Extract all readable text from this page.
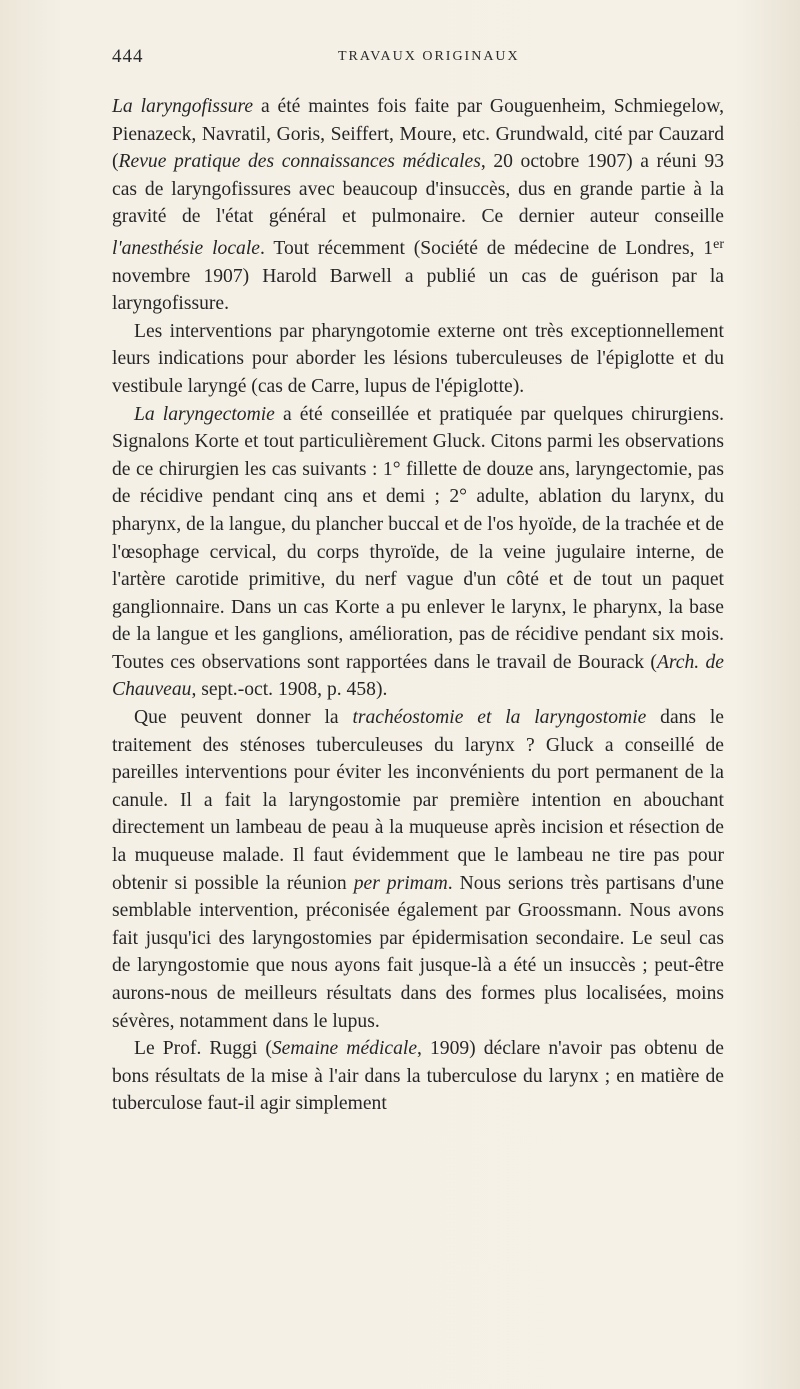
444	TRAVAUX ORIGINAUX

La laryngofissure a été maintes fois faite par Gouguenheim, Schmiegelow, Pienazeck, Navratil, Goris, Seiffert, Moure, etc. Grundwald, cité par Cauzard (Revue pratique des connaissances médicales, 20 octobre 1907) a réuni 93 cas de laryngofissures avec beaucoup d'insuccès, dus en grande partie à la gravité de l'état général et pulmonaire. Ce dernier auteur conseille l'anesthésie locale. Tout récemment (Société de médecine de Londres, 1er novembre 1907) Harold Barwell a publié un cas de guérison par la laryngofissure.

Les interventions par pharyngotomie externe ont très exceptionnellement leurs indications pour aborder les lésions tuberculeuses de l'épiglotte et du vestibule laryngé (cas de Carre, lupus de l'épiglotte).

La laryngectomie a été conseillée et pratiquée par quelques chirurgiens. Signalons Korte et tout particulièrement Gluck. Citons parmi les observations de ce chirurgien les cas suivants : 1° fillette de douze ans, laryngectomie, pas de récidive pendant cinq ans et demi ; 2° adulte, ablation du larynx, du pharynx, de la langue, du plancher buccal et de l'os hyoïde, de la trachée et de l'œsophage cervical, du corps thyroïde, de la veine jugulaire interne, de l'artère carotide primitive, du nerf vague d'un côté et de tout un paquet ganglionnaire. Dans un cas Korte a pu enlever le larynx, le pharynx, la base de la langue et les ganglions, amélioration, pas de récidive pendant six mois. Toutes ces observations sont rapportées dans le travail de Bourack (Arch. de Chauveau, sept.-oct. 1908, p. 458).

Que peuvent donner la trachéostomie et la laryngostomie dans le traitement des sténoses tuberculeuses du larynx ? Gluck a conseillé de pareilles interventions pour éviter les inconvénients du port permanent de la canule. Il a fait la laryngostomie par première intention en abouchant directement un lambeau de peau à la muqueuse après incision et résection de la muqueuse malade. Il faut évidemment que le lambeau ne tire pas pour obtenir si possible la réunion per primam. Nous serions très partisans d'une semblable intervention, préconisée également par Groossmann. Nous avons fait jusqu'ici des laryngostomies par épidermisation secondaire. Le seul cas de laryngostomie que nous ayons fait jusque-là a été un insuccès ; peut-être aurons-nous de meilleurs résultats dans des formes plus localisées, moins sévères, notamment dans le lupus.

Le Prof. Ruggi (Semaine médicale, 1909) déclare n'avoir pas obtenu de bons résultats de la mise à l'air dans la tuberculose du larynx ; en matière de tuberculose faut-il agir simplement
